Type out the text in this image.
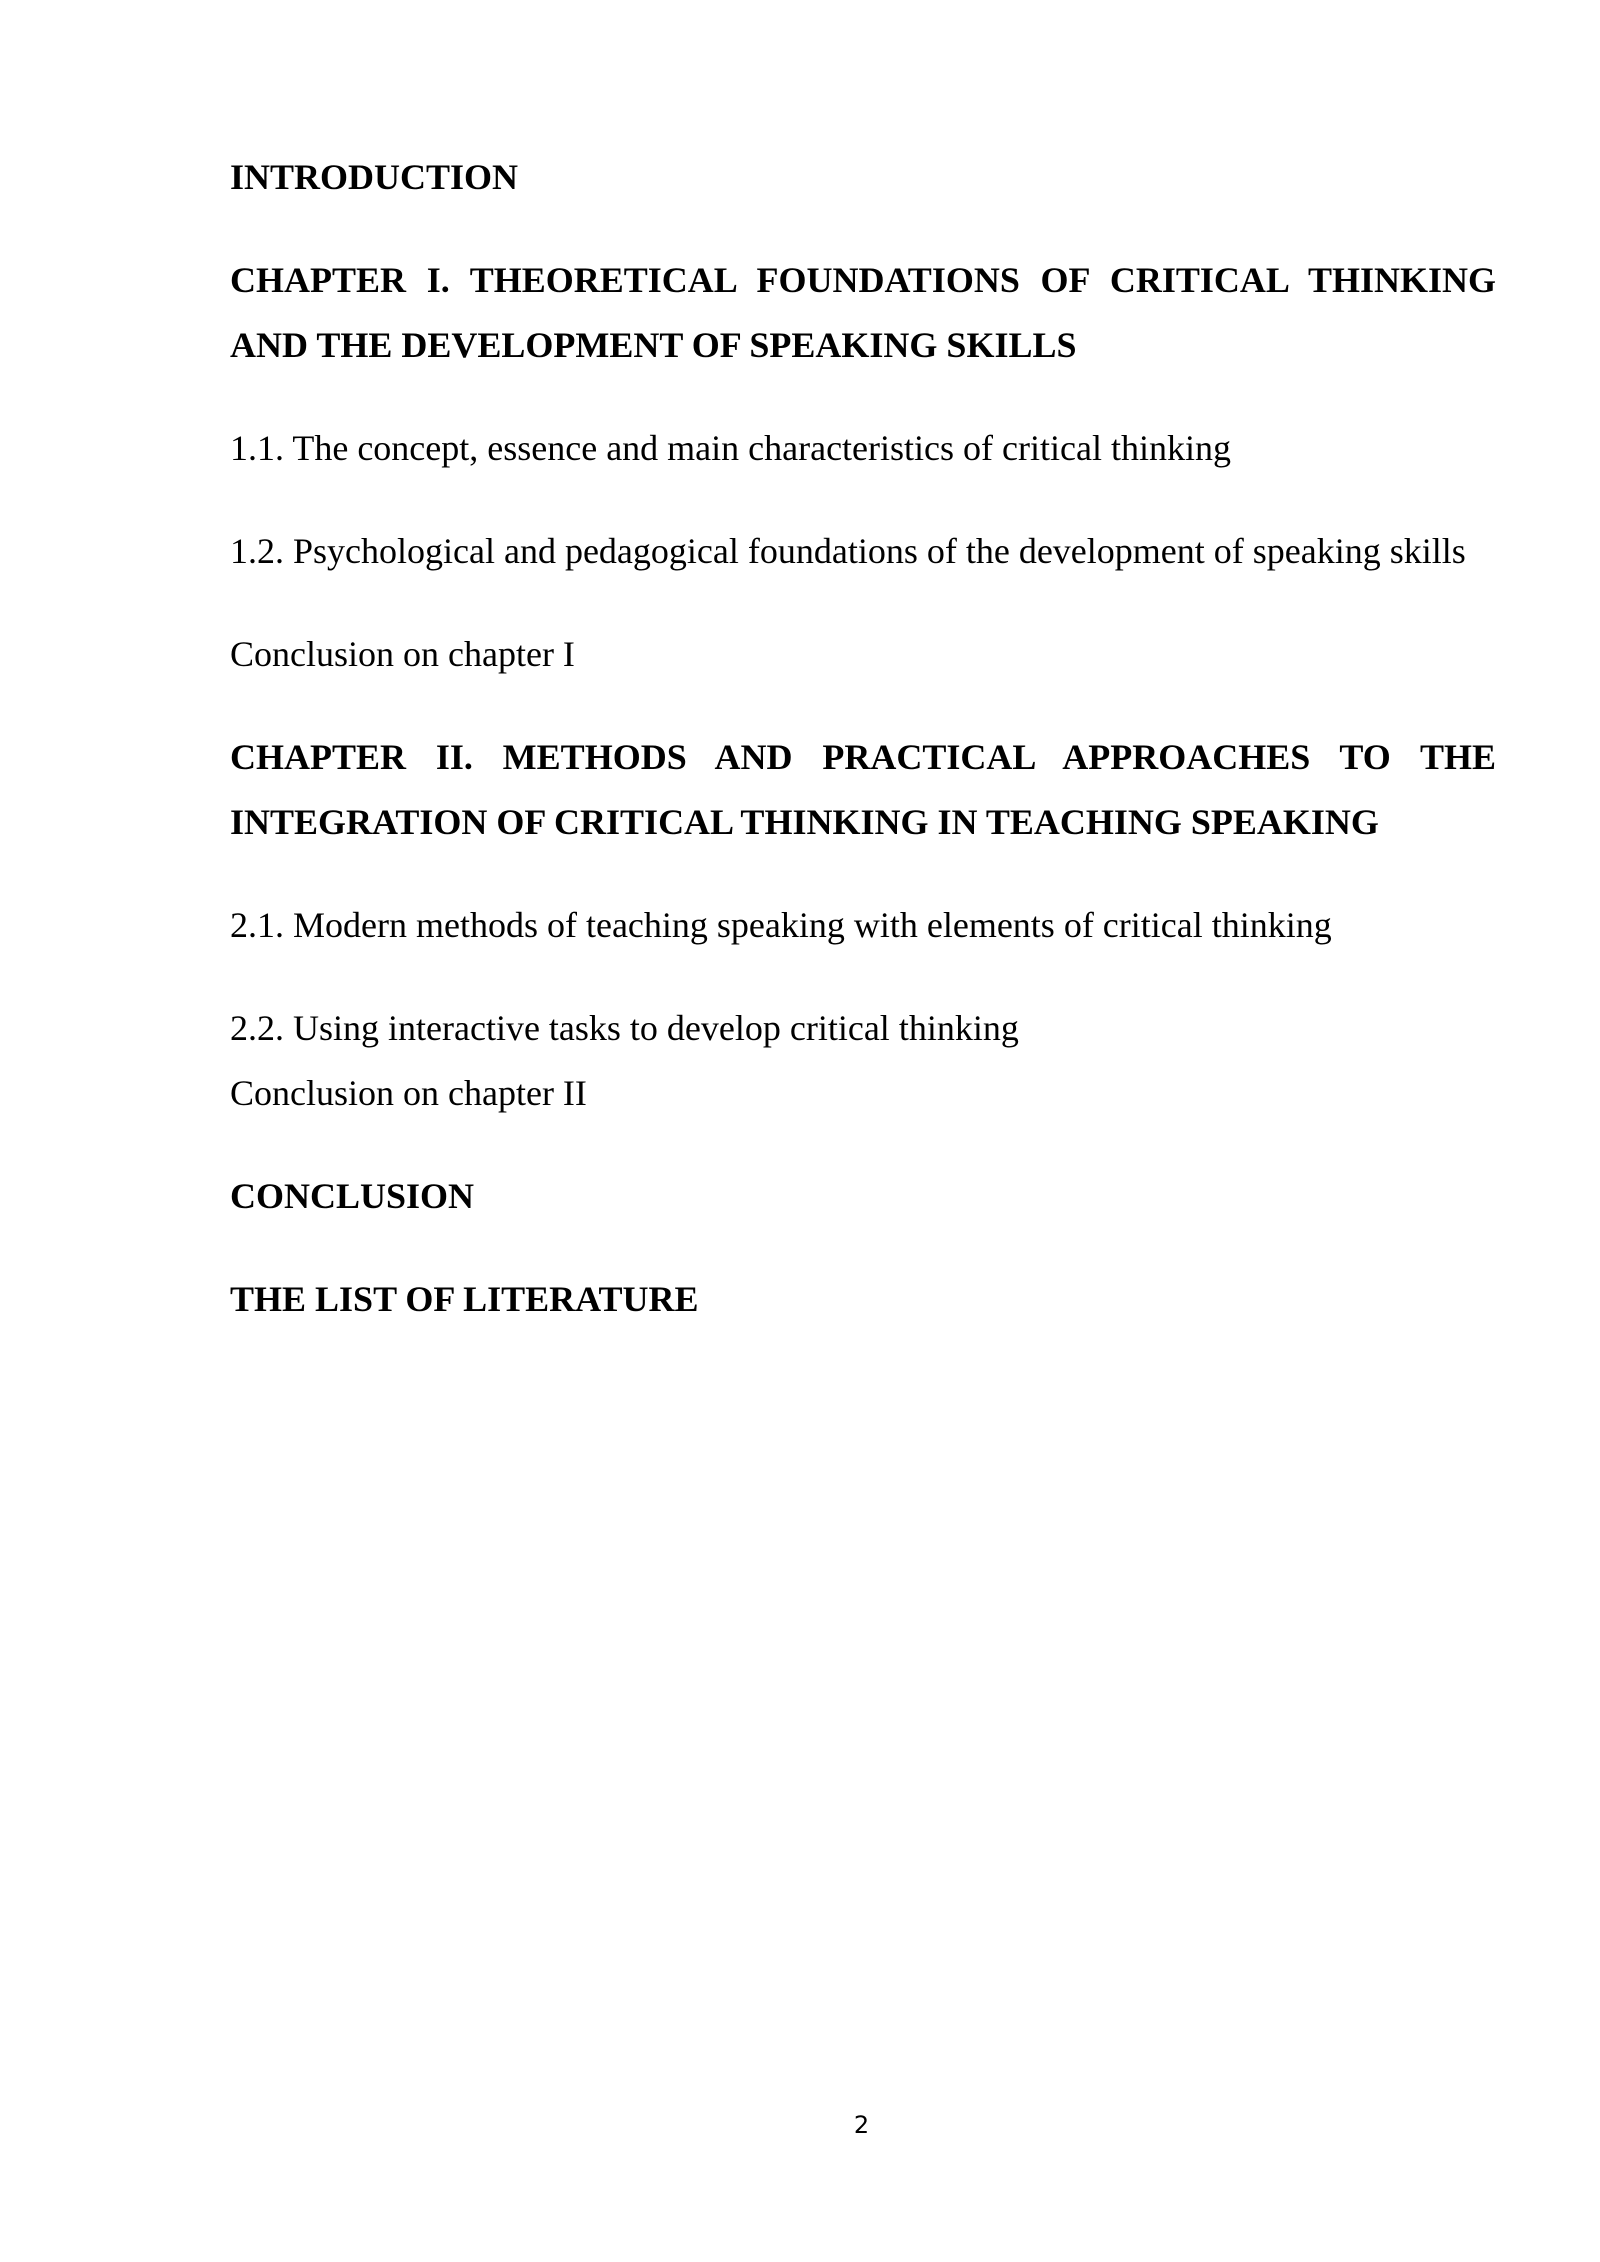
INTRODUCTION

CHAPTER I. THEORETICAL FOUNDATIONS OF CRITICAL THINKING AND THE DEVELOPMENT OF SPEAKING SKILLS

1.1. The concept, essence and main characteristics of critical thinking

1.2. Psychological and pedagogical foundations of the development of speaking skills

Conclusion on chapter I

CHAPTER II. METHODS AND PRACTICAL APPROACHES TO THE INTEGRATION OF CRITICAL THINKING IN TEACHING SPEAKING

2.1. Modern methods of teaching speaking with elements of critical thinking

2.2. Using interactive tasks to develop critical thinking

Conclusion on chapter II

CONCLUSION

THE LIST OF LITERATURE

2
